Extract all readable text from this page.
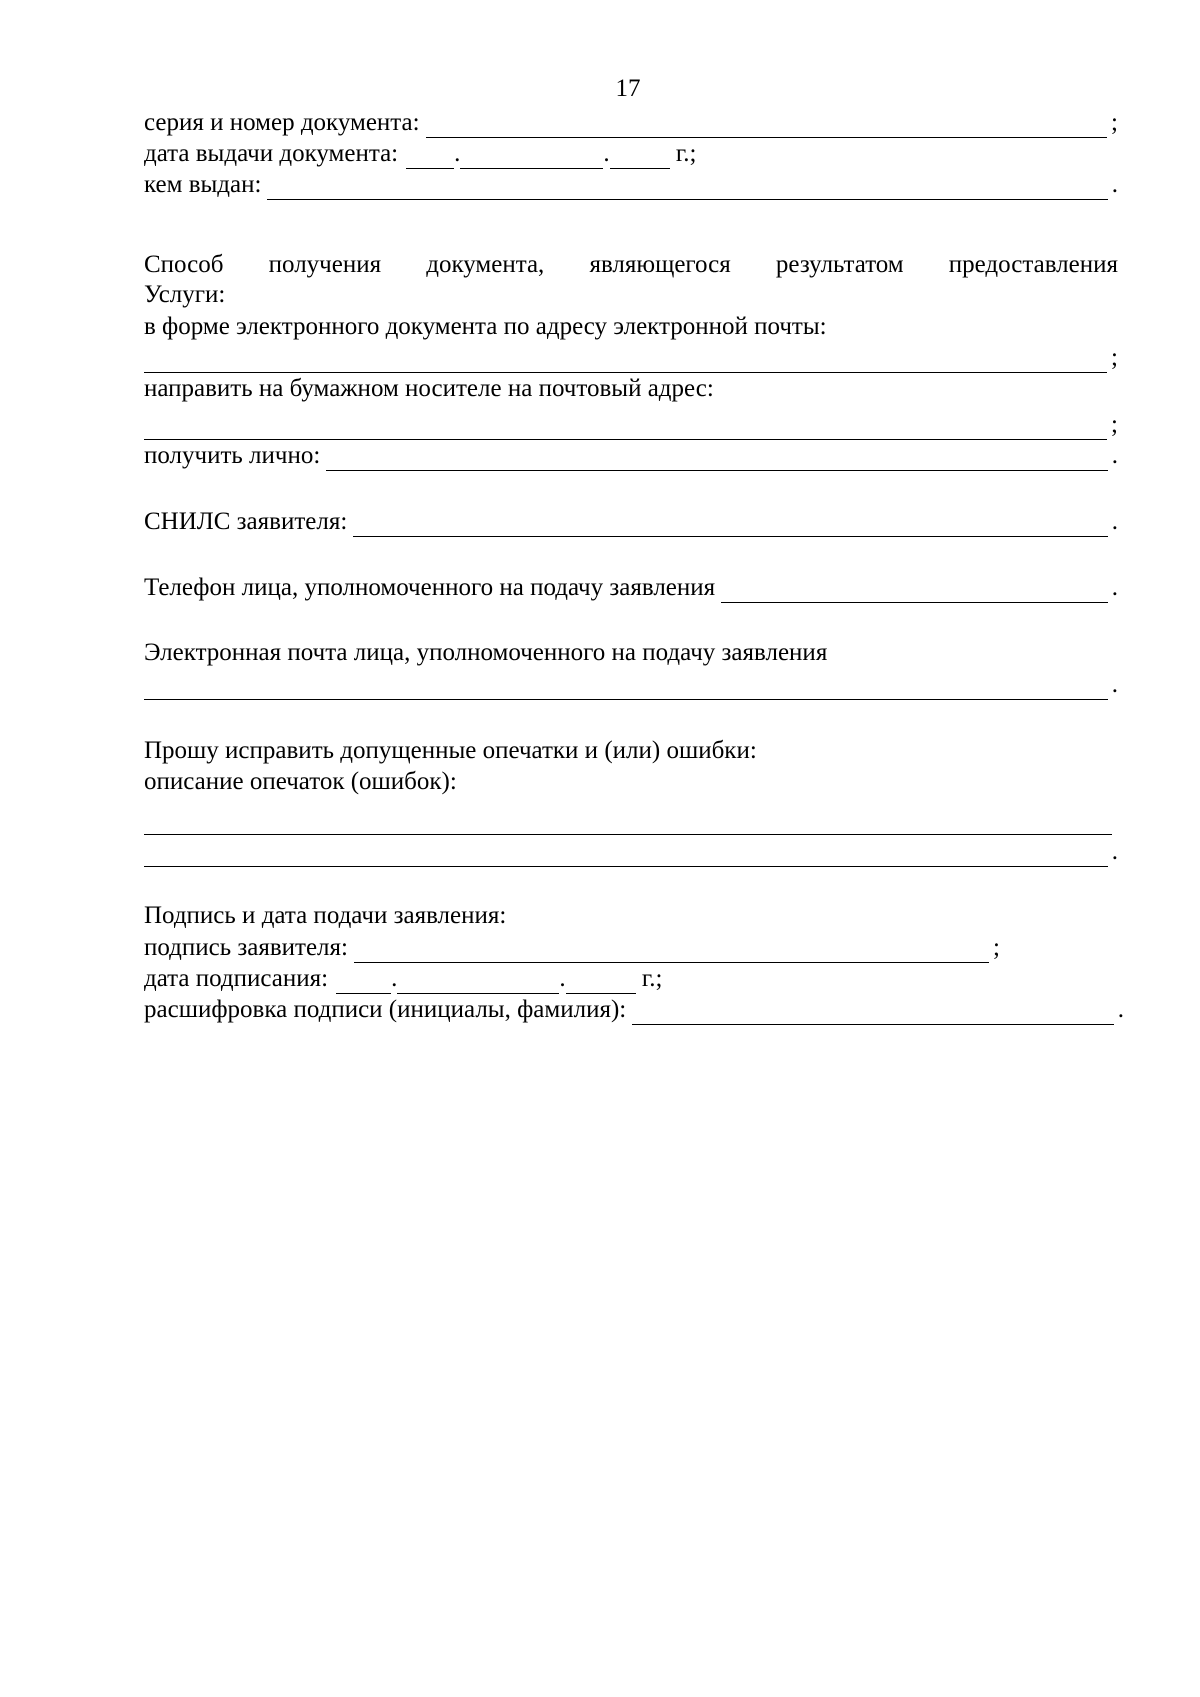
17
серия и номер документа:	;
дата выдачи документа: .	. г.;
кем выдан:	.
Способ получения документа, являющегося результатом предоставления
Услуги:
в форме электронного документа по адресу электронной почты:
;
направить на бумажном носителе на почтовый адрес:
;
получить лично:	.
СНИЛС заявителя:	.
Телефон лица, уполномоченного на подачу заявления	.
Электронная почта лица, уполномоченного на подачу заявления
.
Прошу исправить допущенные опечатки и (или) ошибки:
описание опечаток (ошибок):
.
Подпись и дата подачи заявления:
подпись заявителя:	;
дата подписания:	.	.	г.;
расшифровка подписи (инициалы, фамилия):	.
